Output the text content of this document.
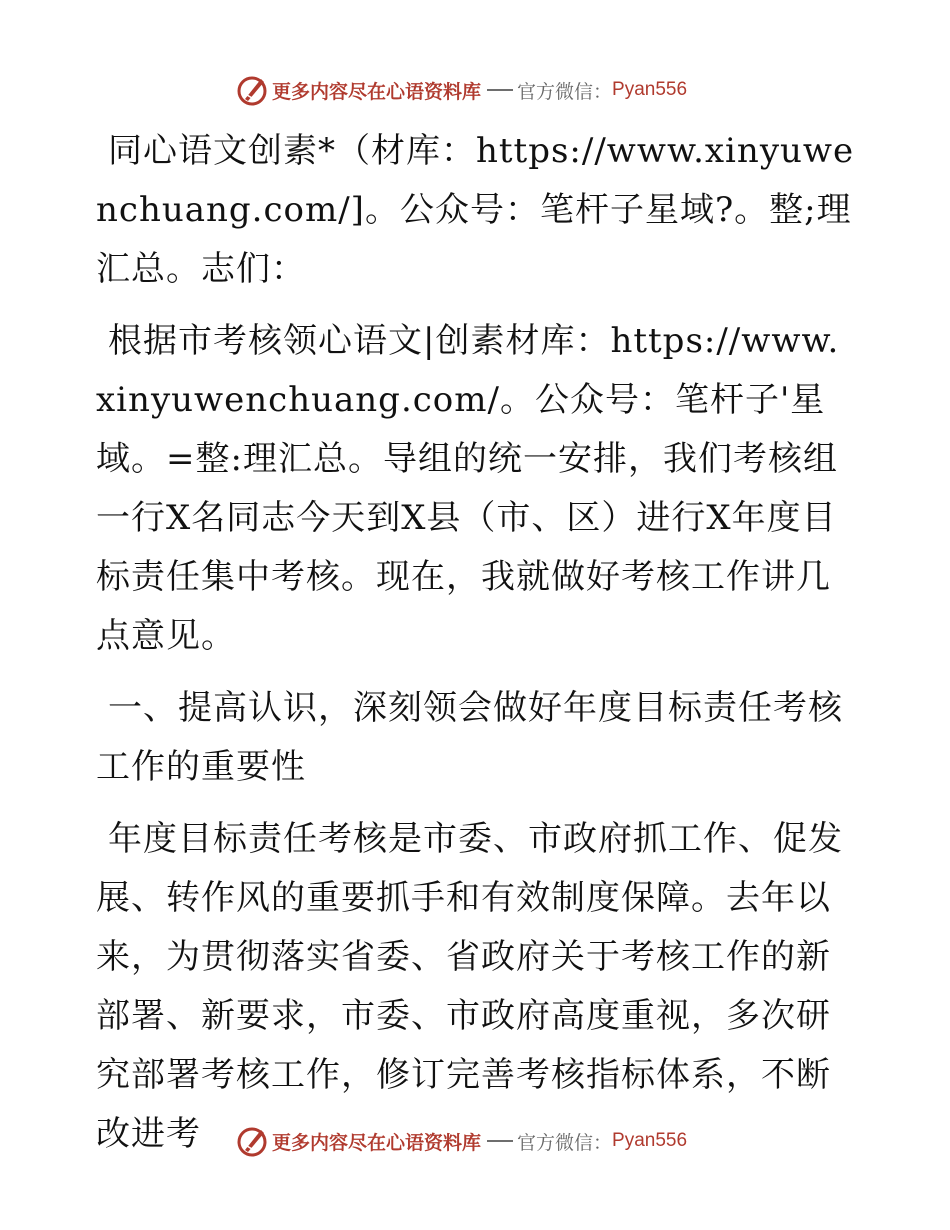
更多内容尽在心语资料库 官方微信： Pyan556

同心语文创素*（材库：https://www.xinyuwenchuang.com/]。公众号：笔杆子星域?。整;理汇总。志们：

根据市考核领心语文|创素材库：https://www.xinyuwenchuang.com/。公众号：笔杆子'星域。=整:理汇总。导组的统一安排，我们考核组一行X名同志今天到X县（市、区）进行X年度目标责任集中考核。现在，我就做好考核工作讲几点意见。

一、提高认识，深刻领会做好年度目标责任考核工作的重要性

年度目标责任考核是市委、市政府抓工作、促发展、转作风的重要抓手和有效制度保障。去年以来，为贯彻落实省委、省政府关于考核工作的新部署、新要求，市委、市政府高度重视，多次研究部署考核工作，修订完善考核指标体系，不断改进考	更多内容尽在心语资料库 官方微信： Pyan556
